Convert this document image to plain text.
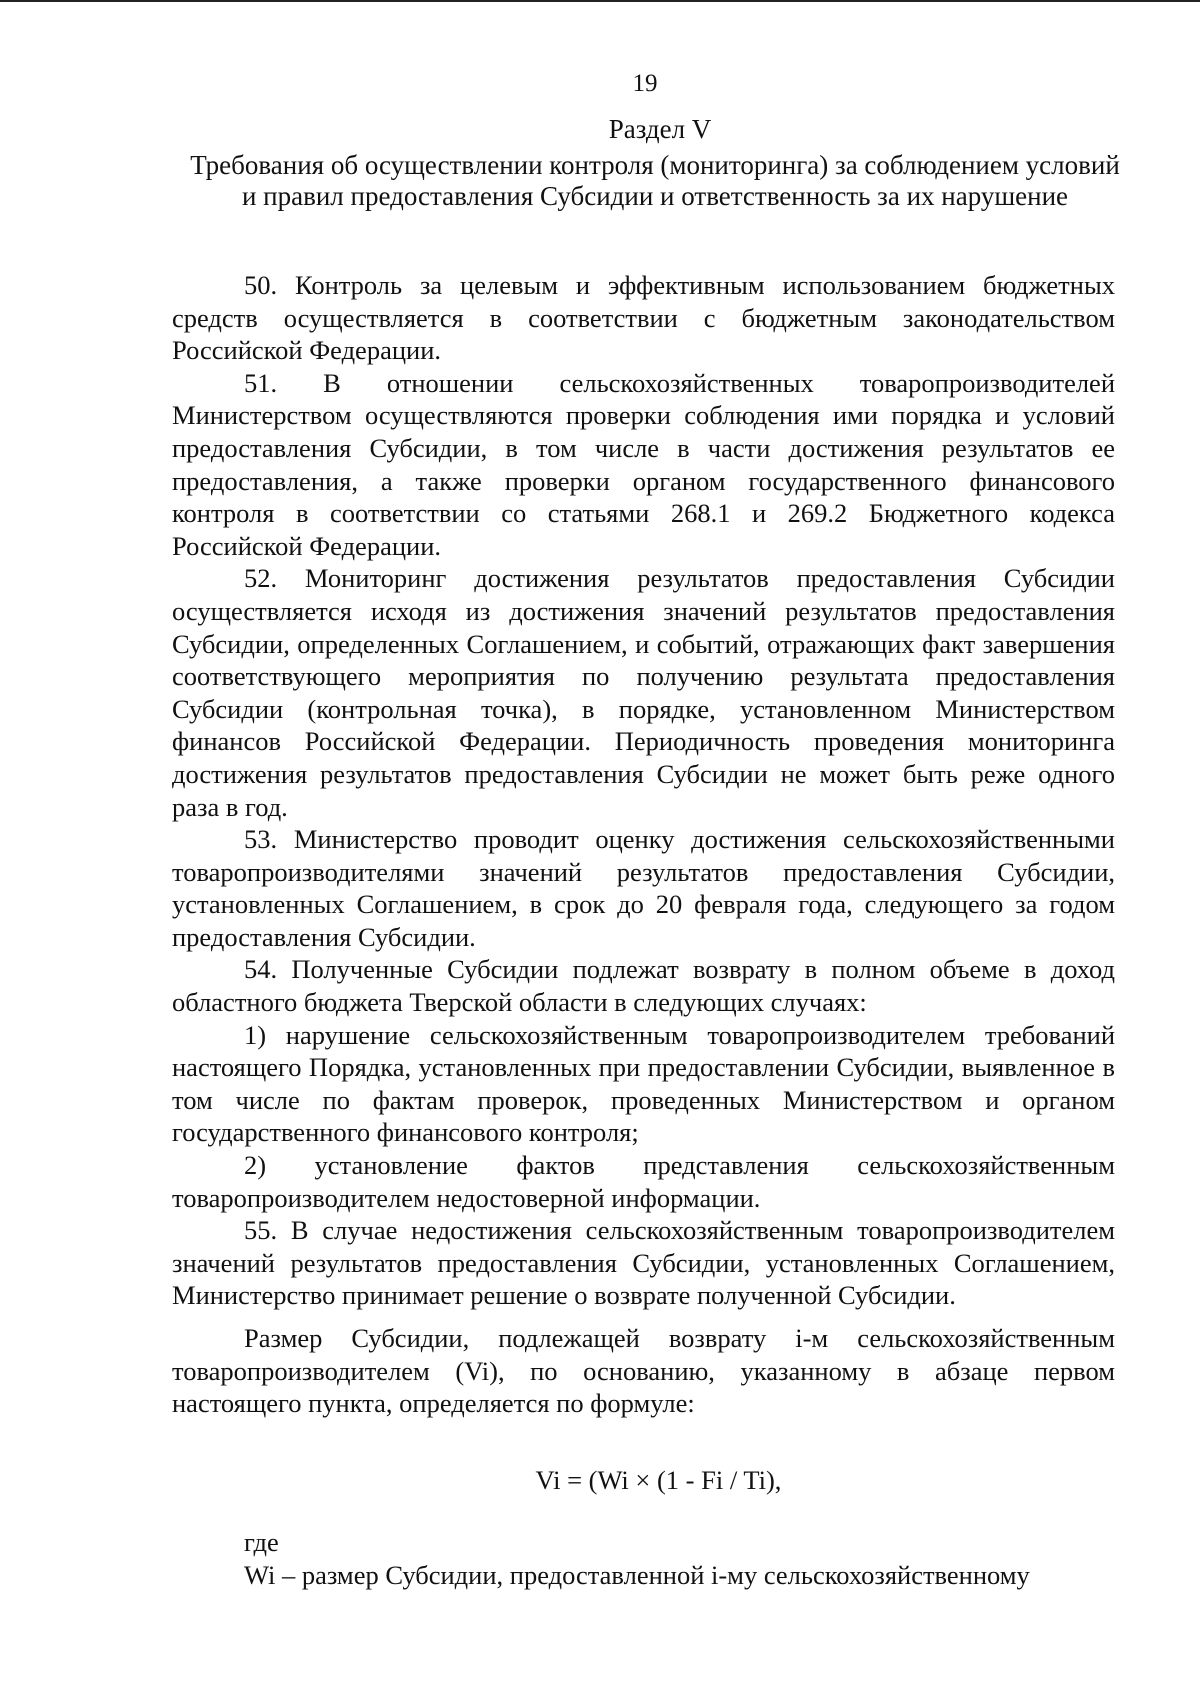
19
Раздел V
Требования об осуществлении контроля (мониторинга) за соблюдением условий и правил предоставления Субсидии и ответственность за их нарушение

50. Контроль за целевым и эффективным использованием бюджетных средств осуществляется в соответствии с бюджетным законодательством Российской Федерации.

51. В отношении сельскохозяйственных товаропроизводителей Министерством осуществляются проверки соблюдения ими порядка и условий предоставления Субсидии, в том числе в части достижения результатов ее предоставления, а также проверки органом государственного финансового контроля в соответствии со статьями 268.1 и 269.2 Бюджетного кодекса Российской Федерации.

52. Мониторинг достижения результатов предоставления Субсидии осуществляется исходя из достижения значений результатов предоставления Субсидии, определенных Соглашением, и событий, отражающих факт завершения соответствующего мероприятия по получению результата предоставления Субсидии (контрольная точка), в порядке, установленном Министерством финансов Российской Федерации. Периодичность проведения мониторинга достижения результатов предоставления Субсидии не может быть реже одного раза в год.

53. Министерство проводит оценку достижения сельскохозяйственными товаропроизводителями значений результатов предоставления Субсидии, установленных Соглашением, в срок до 20 февраля года, следующего за годом предоставления Субсидии.

54. Полученные Субсидии подлежат возврату в полном объеме в доход областного бюджета Тверской области в следующих случаях:

1) нарушение сельскохозяйственным товаропроизводителем требований настоящего Порядка, установленных при предоставлении Субсидии, выявленное в том числе по фактам проверок, проведенных Министерством и органом государственного финансового контроля;

2) установление фактов представления сельскохозяйственным товаропроизводителем недостоверной информации.

55. В случае недостижения сельскохозяйственным товаропроизводителем значений результатов предоставления Субсидии, установленных Соглашением, Министерство принимает решение о возврате полученной Субсидии.

Размер Субсидии, подлежащей возврату i-м сельскохозяйственным товаропроизводителем (Vi), по основанию, указанному в абзаце первом настоящего пункта, определяется по формуле:

Vi = (Wi × (1 - Fi / Ti),

где

Wi – размер Субсидии, предоставленной i-му сельскохозяйственному
